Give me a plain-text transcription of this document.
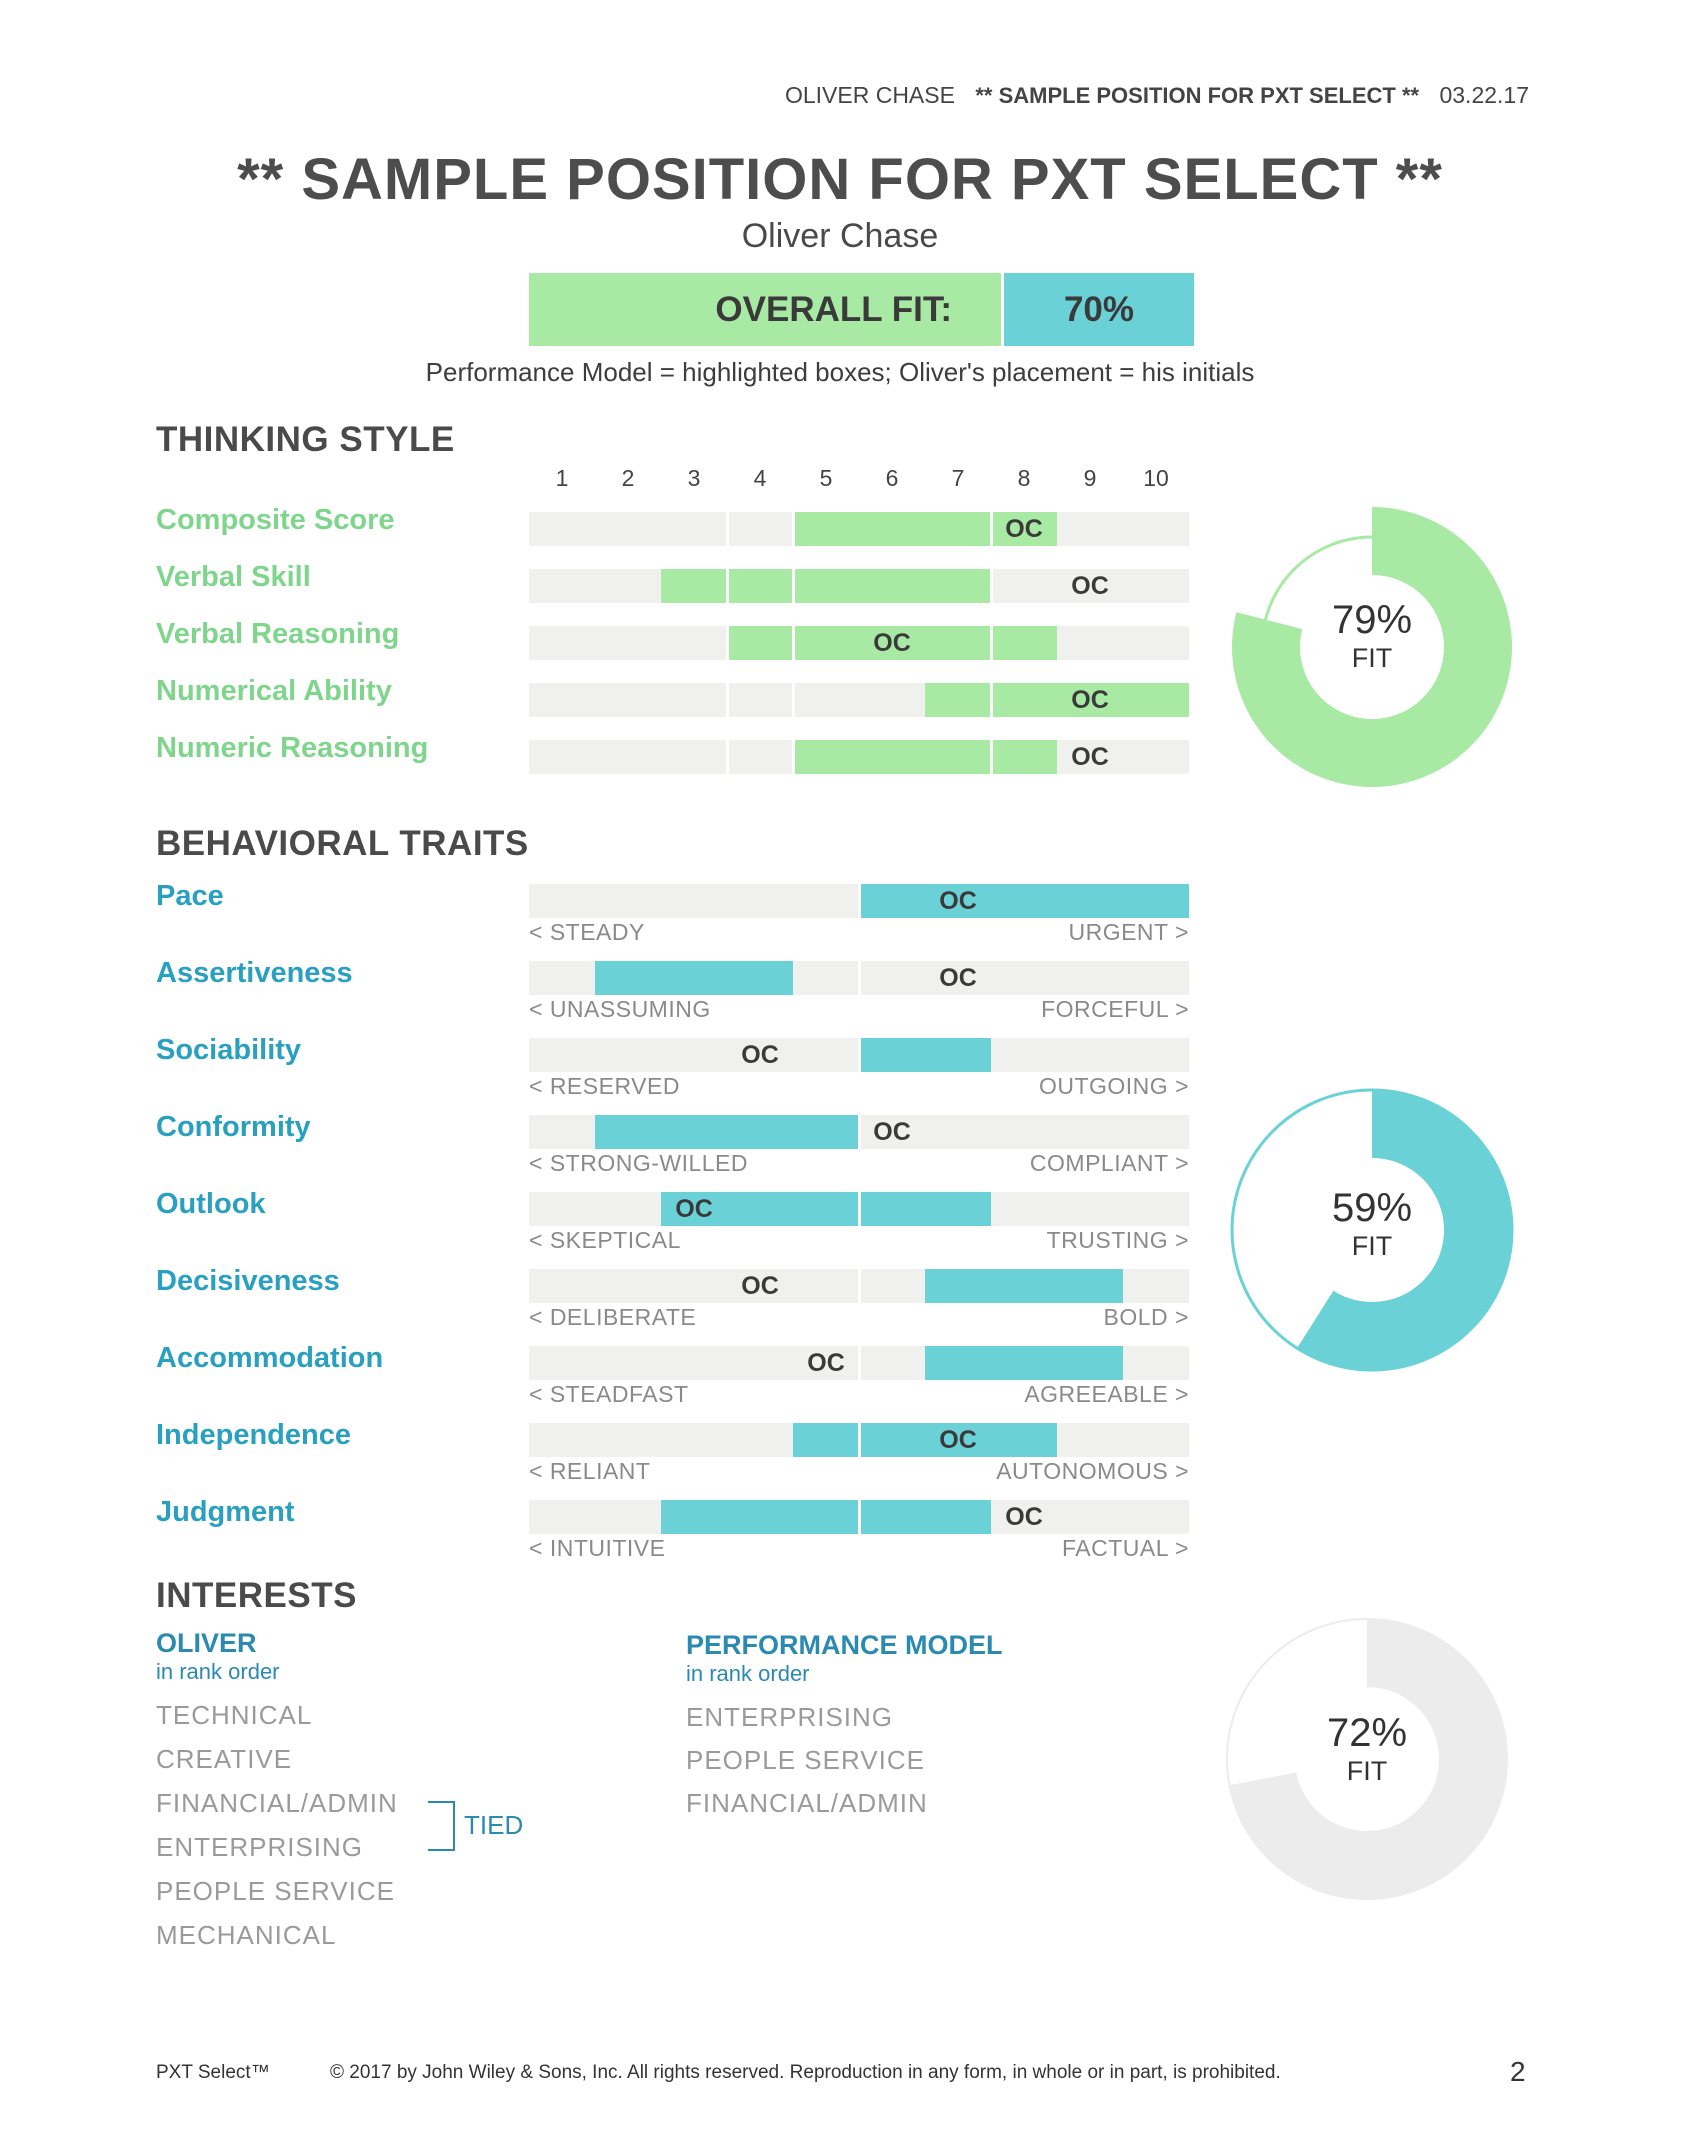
OLIVER CHASE ** SAMPLE POSITION FOR PXT SELECT ** 03.22.17
** SAMPLE POSITION FOR PXT SELECT **
Oliver Chase
OVERALL FIT:	70%
Performance Model = highlighted boxes; Oliver's placement = his initials
THINKING STYLE
1	2	3	4	5	6	7	8	9	10
Composite Score	OC
Verbal Skill	OC
Verbal Reasoning	OC
Numerical Ability	OC
Numeric Reasoning	OC
79%
FIT
BEHAVIORAL TRAITS
Pace	OC
< STEADY	URGENT >
Assertiveness	OC
< UNASSUMING	FORCEFUL >
Sociability	OC
< RESERVED	OUTGOING >
Conformity	OC
< STRONG-WILLED	COMPLIANT >
Outlook	OC
< SKEPTICAL	TRUSTING >
Decisiveness	OC
< DELIBERATE	BOLD >
Accommodation	OC
< STEADFAST	AGREEABLE >
Independence	OC
< RELIANT	AUTONOMOUS >
Judgment	OC
< INTUITIVE	FACTUAL >
59%
FIT
INTERESTS
OLIVER
in rank order
TECHNICAL
CREATIVE
FINANCIAL/ADMIN
ENTERPRISING
PEOPLE SERVICE
MECHANICAL
TIED
PERFORMANCE MODEL
in rank order
ENTERPRISING
PEOPLE SERVICE
FINANCIAL/ADMIN
72%
FIT
PXT Select™	© 2017 by John Wiley & Sons, Inc. All rights reserved. Reproduction in any form, in whole or in part, is prohibited.	2
